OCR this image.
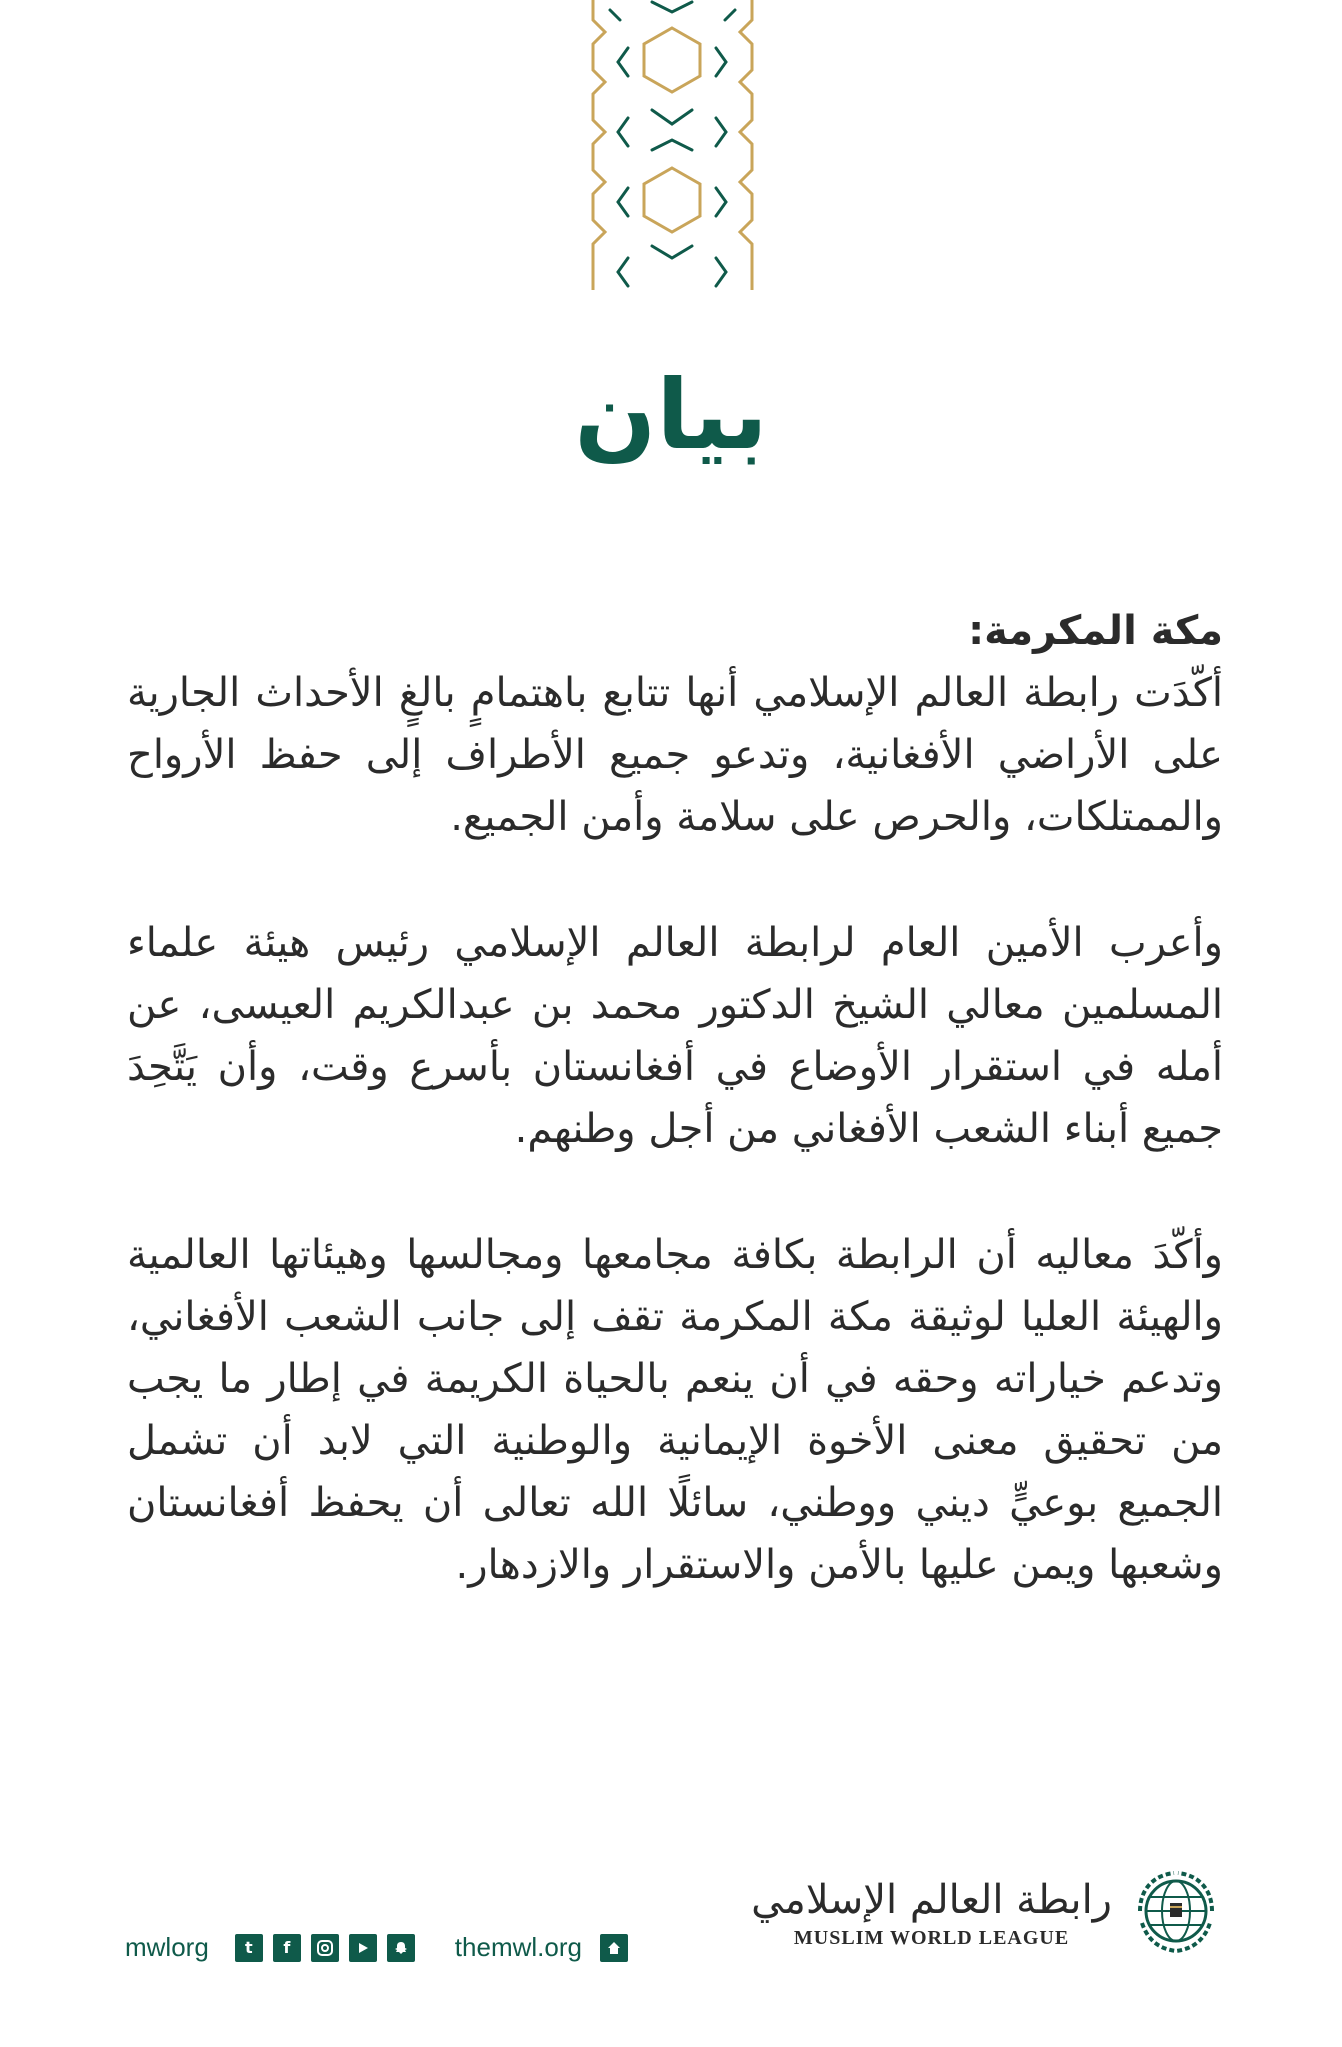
بيان

مكة المكرمة:

أكّدَت رابطة العالم الإسلامي أنها تتابع باهتمامٍ بالغٍ الأحداث الجارية على الأراضي الأفغانية، وتدعو جميع الأطراف إلى حفظ الأرواح والممتلكات، والحرص على سلامة وأمن الجميع.

وأعرب الأمين العام لرابطة العالم الإسلامي رئيس هيئة علماء المسلمين معالي الشيخ الدكتور محمد بن عبدالكريم العيسى، عن أمله في استقرار الأوضاع في أفغانستان بأسرع وقت، وأن يَتَّحِدَ جميع أبناء الشعب الأفغاني من أجل وطنهم.

وأكّدَ معاليه أن الرابطة بكافة مجامعها ومجالسها وهيئاتها العالمية والهيئة العليا لوثيقة مكة المكرمة تقف إلى جانب الشعب الأفغاني، وتدعم خياراته وحقه في أن ينعم بالحياة الكريمة في إطار ما يجب من تحقيق معنى الأخوة الإيمانية والوطنية التي لابد أن تشمل الجميع بوعيٍّ ديني ووطني، سائلًا الله تعالى أن يحفظ أفغانستان وشعبها ويمن عليها بالأمن والاستقرار والازدهار.

mwlorg	t	f	themwl.org
رابطة العالم الإسلامي
MUSLIM WORLD LEAGUE
